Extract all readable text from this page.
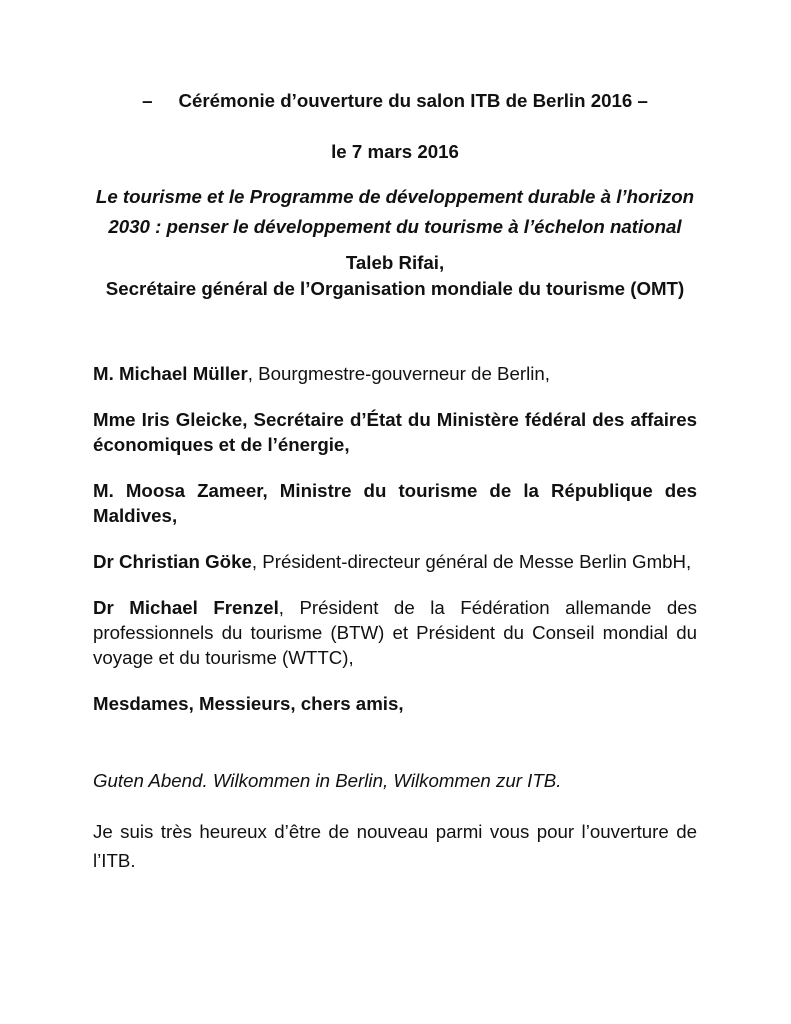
–     Cérémonie d’ouverture du salon ITB de Berlin 2016 –

le 7 mars 2016

Le tourisme et le Programme de développement durable à l’horizon 2030 : penser le développement du tourisme à l’échelon national

Taleb Rifai,
Secrétaire général de l’Organisation mondiale du tourisme (OMT)

M. Michael Müller, Bourgmestre-gouverneur de Berlin,

Mme Iris Gleicke, Secrétaire d’État du Ministère fédéral des affaires économiques et de l’énergie,

M. Moosa Zameer, Ministre du tourisme de la République des Maldives,

Dr Christian Göke, Président-directeur général de Messe Berlin GmbH,

Dr Michael Frenzel, Président de la Fédération allemande des professionnels du tourisme (BTW) et Président du Conseil mondial du voyage et du tourisme (WTTC),

Mesdames, Messieurs, chers amis,

Guten Abend. Wilkommen in Berlin, Wilkommen zur ITB.

Je suis très heureux d’être de nouveau parmi vous pour l’ouverture de l’ITB.
